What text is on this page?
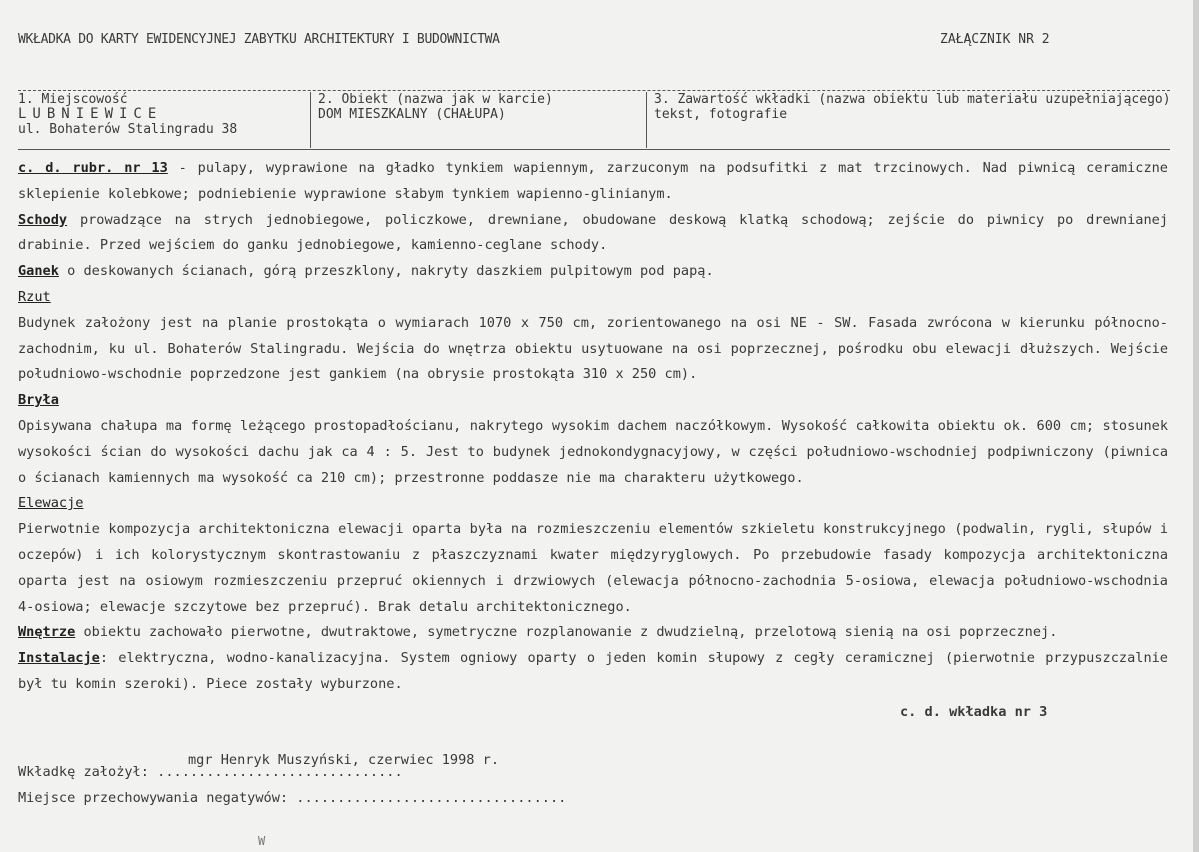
WKŁADKA DO KARTY EWIDENCYJNEJ ZABYTKU ARCHITEKTURY I BUDOWNICTWA	ZAŁĄCZNIK NR 2
1. Miejscowość
LUBNIEWICE
ul. Bohaterów Stalingradu 38
2. Obiekt (nazwa jak w karcie)
DOM MIESZKALNY (CHAŁUPA)
3. Zawartość wkładki (nazwa obiektu lub materiału uzupełniającego)
tekst, fotografie

c. d. rubr. nr 13 - pulapy, wyprawione na gładko tynkiem wapiennym, zarzuconym na podsufitki z mat trzcinowych. Nad piwnicą ceramiczne sklepienie kolebkowe; podniebienie wyprawione słabym tynkiem wapienno-glinianym.

Schody prowadzące na strych jednobiegowe, policzkowe, drewniane, obudowane deskową klatką schodową; zejście do piwnicy po drewnianej drabinie. Przed wejściem do ganku jednobiegowe, kamienno-ceglane schody.

Ganek o deskowanych ścianach, górą przeszklony, nakryty daszkiem pulpitowym pod papą.

Rzut

Budynek założony jest na planie prostokąta o wymiarach 1070 x 750 cm, zorientowanego na osi NE - SW. Fasada zwrócona w kierunku północno-zachodnim, ku ul. Bohaterów Stalingradu. Wejścia do wnętrza obiektu usytuowane na osi poprzecznej, pośrodku obu elewacji dłuższych. Wejście południowo-wschodnie poprzedzone jest gankiem (na obrysie prostokąta 310 x 250 cm).

Bryła

Opisywana chałupa ma formę leżącego prostopadłościanu, nakrytego wysokim dachem naczółkowym. Wysokość całkowita obiektu ok. 600 cm; stosunek wysokości ścian do wysokości dachu jak ca 4 : 5. Jest to budynek jednokondygnacyjowy, w części południowo-wschodniej podpiwniczony (piwnica o ścianach kamiennych ma wysokość ca 210 cm); przestronne poddasze nie ma charakteru użytkowego.

Elewacje

Pierwotnie kompozycja architektoniczna elewacji oparta była na rozmieszczeniu elementów szkieletu konstrukcyjnego (podwalin, rygli, słupów i oczepów) i ich kolorystycznym skontrastowaniu z płaszczyznami kwater międzyryglowych. Po przebudowie fasady kompozycja architektoniczna oparta jest na osiowym rozmieszczeniu przepruć okiennych i drzwiowych (elewacja północno-zachodnia 5-osiowa, elewacja południowo-wschodnia 4-osiowa; elewacje szczytowe bez przepruć). Brak detalu architektonicznego.

Wnętrze obiektu zachowało pierwotne, dwutraktowe, symetryczne rozplanowanie z dwudzielną, przelotową sienią na osi poprzecznej.

Instalacje: elektryczna, wodno-kanalizacyjna. System ogniowy oparty o jeden komin słupowy z cegły ceramicznej (pierwotnie przypuszczalnie był tu komin szeroki). Piece zostały wyburzone.

c. d. wkładka nr 3
Wkładkę założył: ..............................
mgr Henryk Muszyński, czerwiec 1998 r.
Miejsce przechowywania negatywów: .................................
W
